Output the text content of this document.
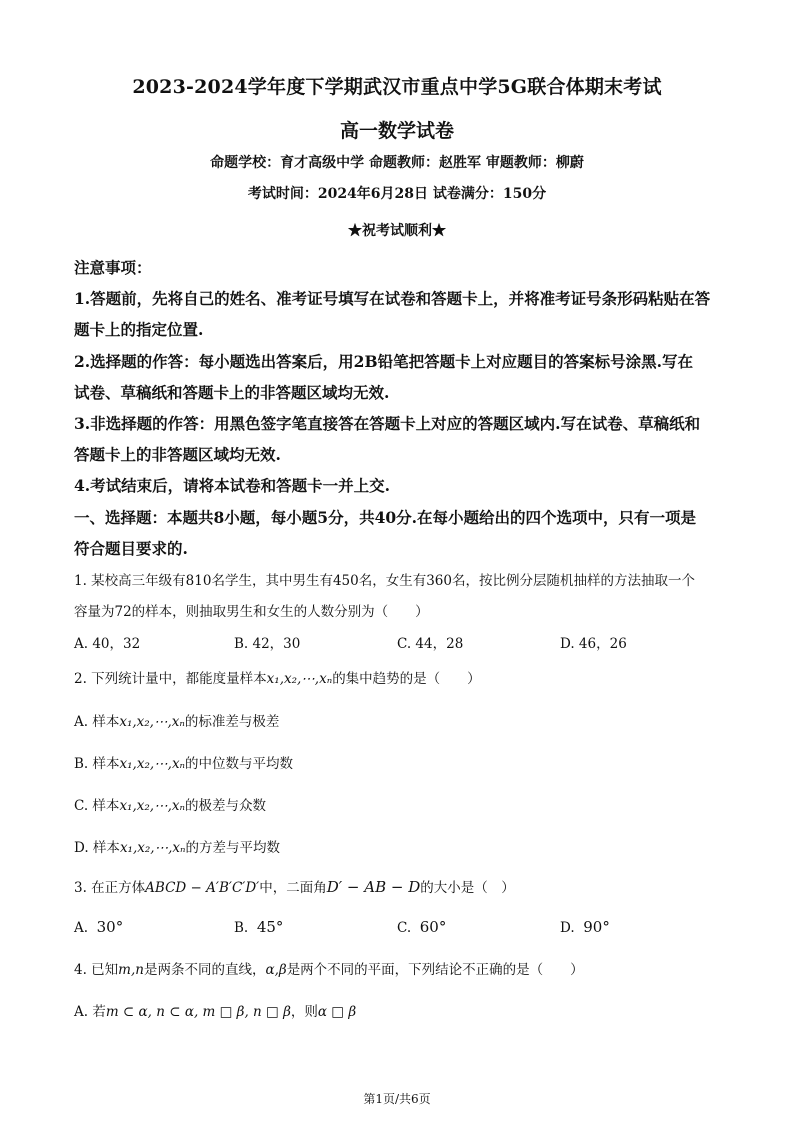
2023-2024学年度下学期武汉市重点中学5G联合体期末考试
高一数学试卷
命题学校：育才高级中学 命题教师：赵胜军 审题教师：柳蔚
考试时间：2024年6月28日 试卷满分：150分
★祝考试顺利★
注意事项：
1.答题前，先将自己的姓名、准考证号填写在试卷和答题卡上，并将准考证号条形码粘贴在答
题卡上的指定位置.
2.选择题的作答：每小题选出答案后，用2B铅笔把答题卡上对应题目的答案标号涂黑.写在
试卷、草稿纸和答题卡上的非答题区域均无效.
3.非选择题的作答：用黑色签字笔直接答在答题卡上对应的答题区域内.写在试卷、草稿纸和
答题卡上的非答题区域均无效.
4.考试结束后，请将本试卷和答题卡一并上交.
一、选择题：本题共8小题，每小题5分，共40分.在每小题给出的四个选项中，只有一项是
符合题目要求的.
1. 某校高三年级有810名学生，其中男生有450名，女生有360名，按比例分层随机抽样的方法抽取一个
容量为72的样本，则抽取男生和女生的人数分别为（　　）
A. 40，32	B. 42，30	C. 44，28	D. 46，26
2. 下列统计量中，都能度量样本x₁,x₂,⋯,xₙ的集中趋势的是（　　）
A. 样本x₁,x₂,⋯,xₙ的标准差与极差
B. 样本x₁,x₂,⋯,xₙ的中位数与平均数
C. 样本x₁,x₂,⋯,xₙ的极差与众数
D. 样本x₁,x₂,⋯,xₙ的方差与平均数
3. 在正方体ABCD − A′B′C′D′中，二面角D′ − AB − D的大小是（　）
A. 30°	B. 45°	C. 60°	D. 90°
4. 已知m,n是两条不同的直线，α,β是两个不同的平面，下列结论不正确的是（　　）
A. 若m ⊂ α, n ⊂ α, m □ β, n □ β，则α □ β
第1页/共6页
